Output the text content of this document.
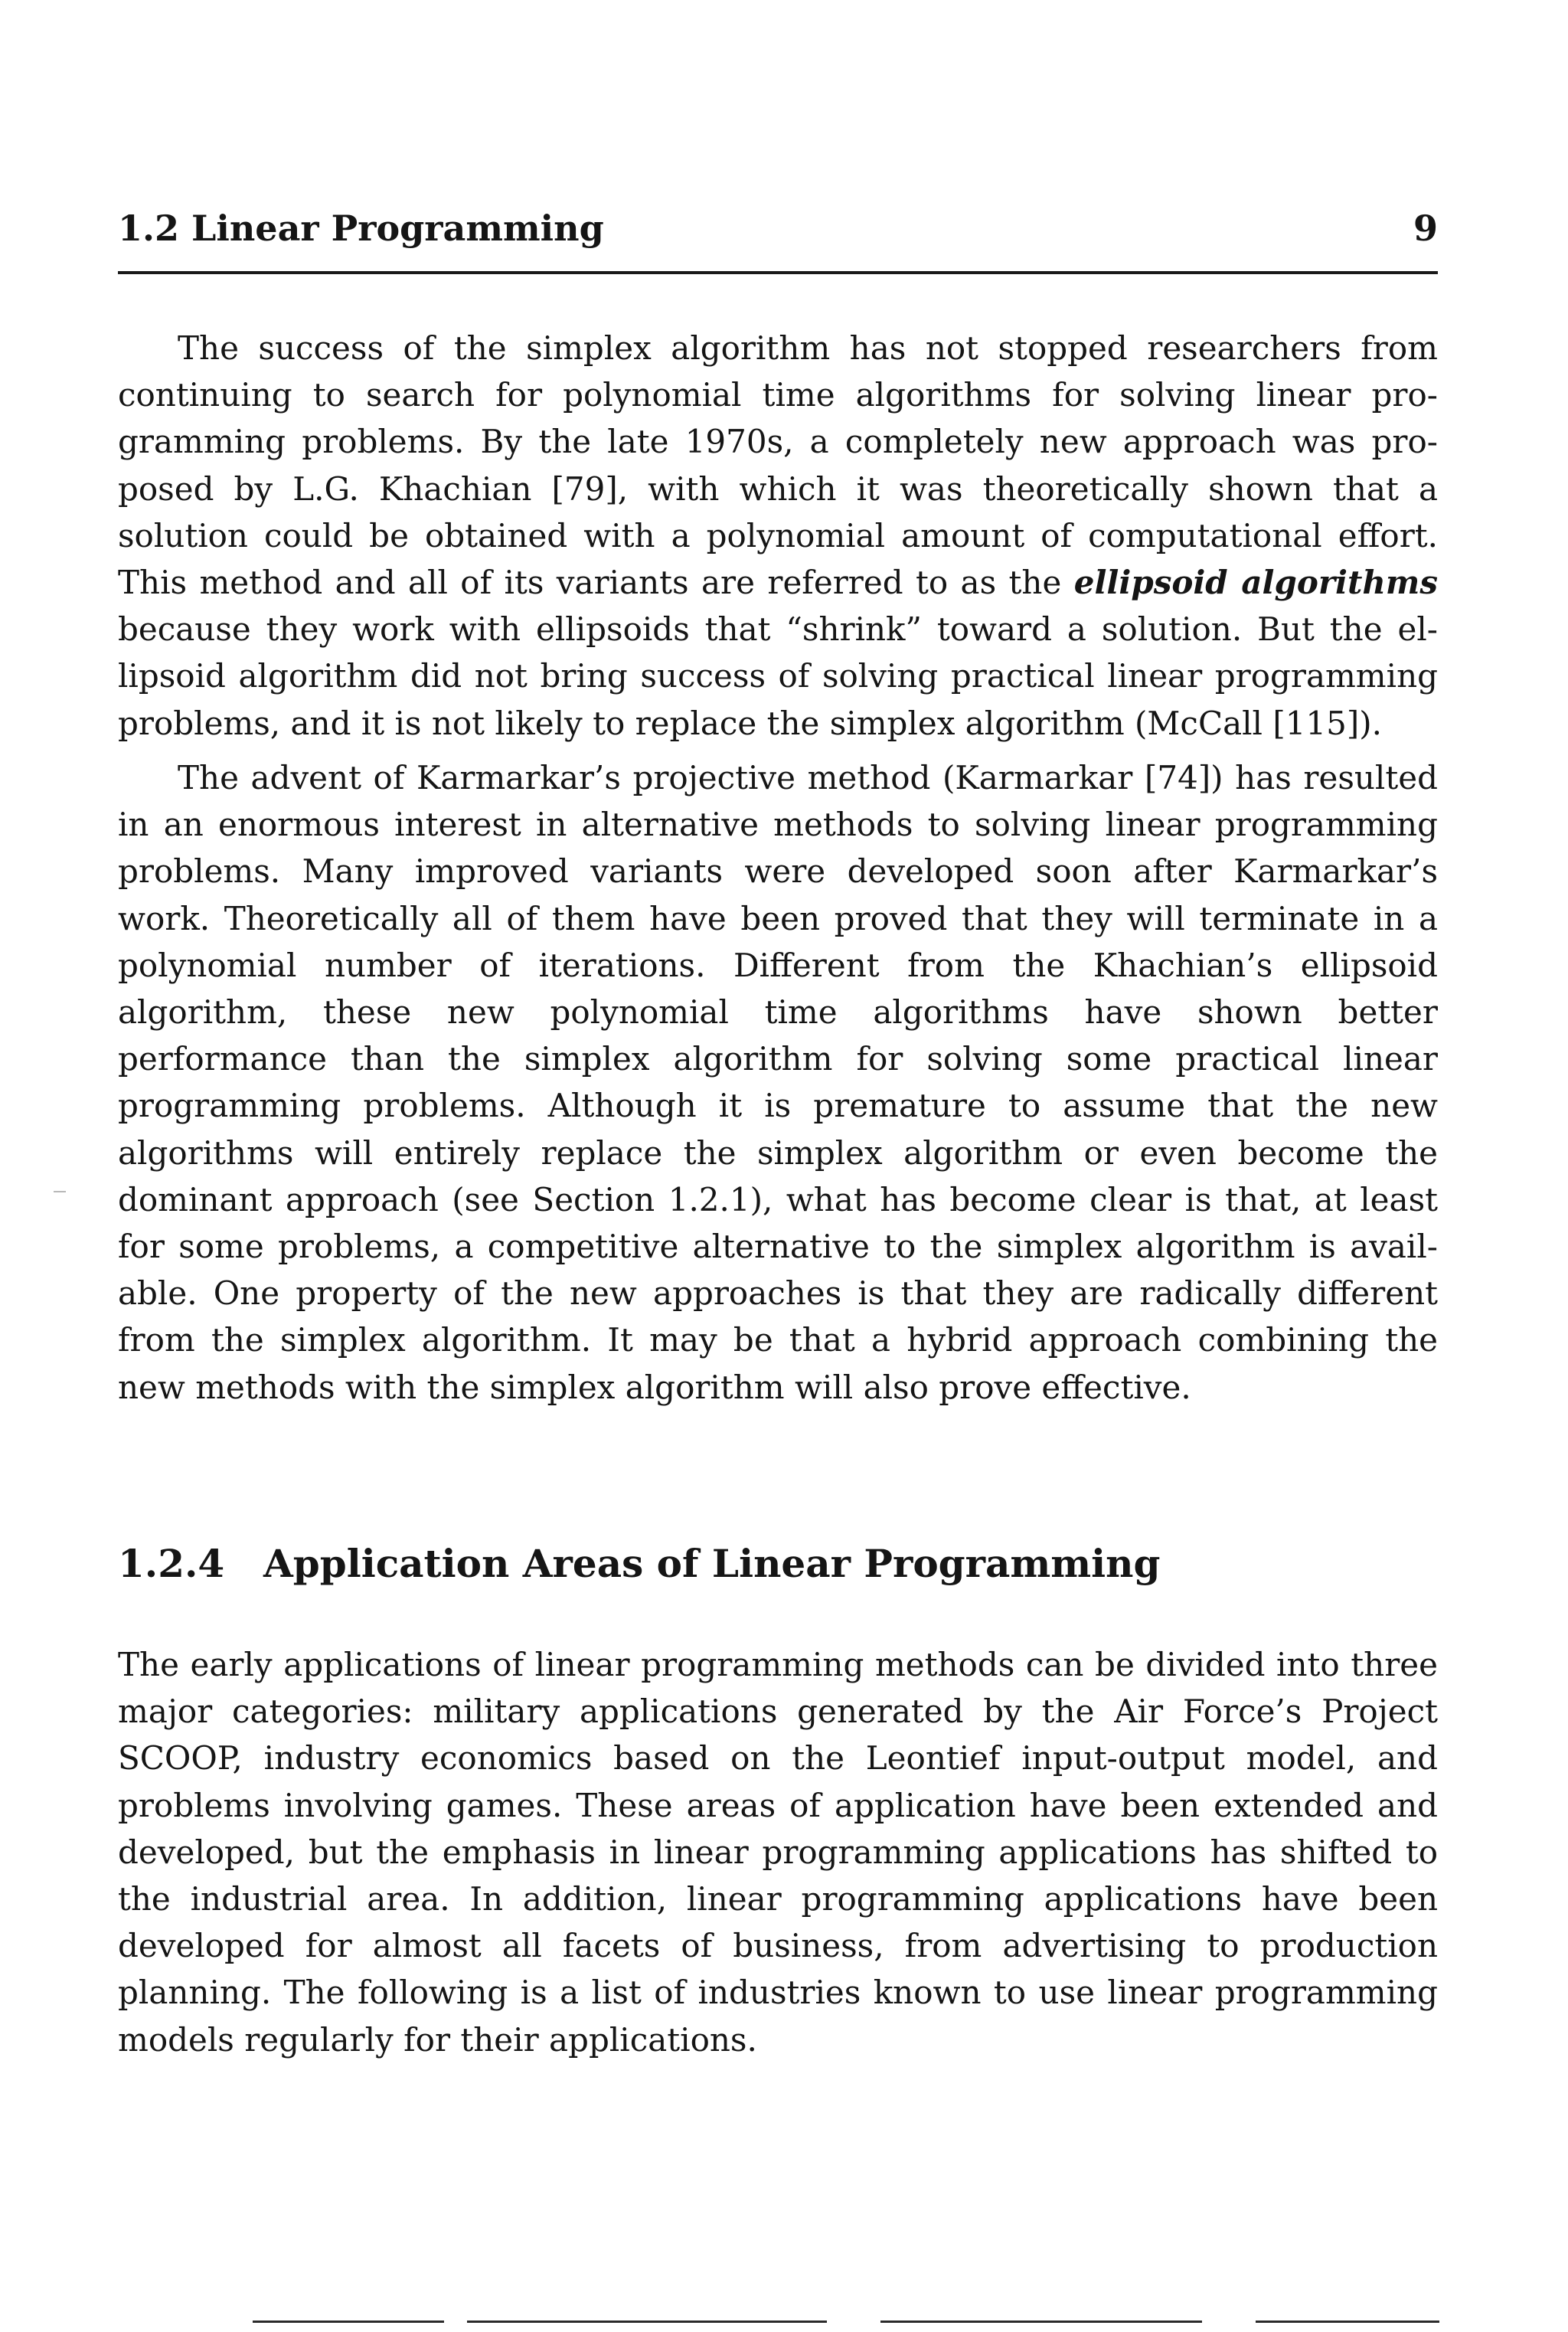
1.2 Linear Programming	9

The success of the simplex algorithm has not stopped researchers from continuing to search for polynomial time algorithms for solving linear programming problems. By the late 1970s, a completely new approach was proposed by L.G. Khachian [79], with which it was theoretically shown that a solution could be obtained with a polynomial amount of computational effort. This method and all of its variants are referred to as the ellipsoid algorithms because they work with ellipsoids that “shrink” toward a solution. But the ellipsoid algorithm did not bring success of solving practical linear programming problems, and it is not likely to replace the simplex algorithm (McCall [115]).

The advent of Karmarkar’s projective method (Karmarkar [74]) has resulted in an enormous interest in alternative methods to solving linear programming problems. Many improved variants were developed soon after Karmarkar’s work. Theoretically all of them have been proved that they will terminate in a polynomial number of iterations. Different from the Khachian’s ellipsoid algorithm, these new polynomial time algorithms have shown better performance than the simplex algorithm for solving some practical linear programming problems. Although it is premature to assume that the new algorithms will entirely replace the simplex algorithm or even become the dominant approach (see Section 1.2.1), what has become clear is that, at least for some problems, a competitive alternative to the simplex algorithm is available. One property of the new approaches is that they are radically different from the simplex algorithm. It may be that a hybrid approach combining the new methods with the simplex algorithm will also prove effective.

1.2.4 Application Areas of Linear Programming

The early applications of linear programming methods can be divided into three major categories: military applications generated by the Air Force’s Project SCOOP, industry economics based on the Leontief input-output model, and problems involving games. These areas of application have been extended and developed, but the emphasis in linear programming applications has shifted to the industrial area. In addition, linear programming applications have been developed for almost all facets of business, from advertising to production planning. The following is a list of industries known to use linear programming models regularly for their applications.
